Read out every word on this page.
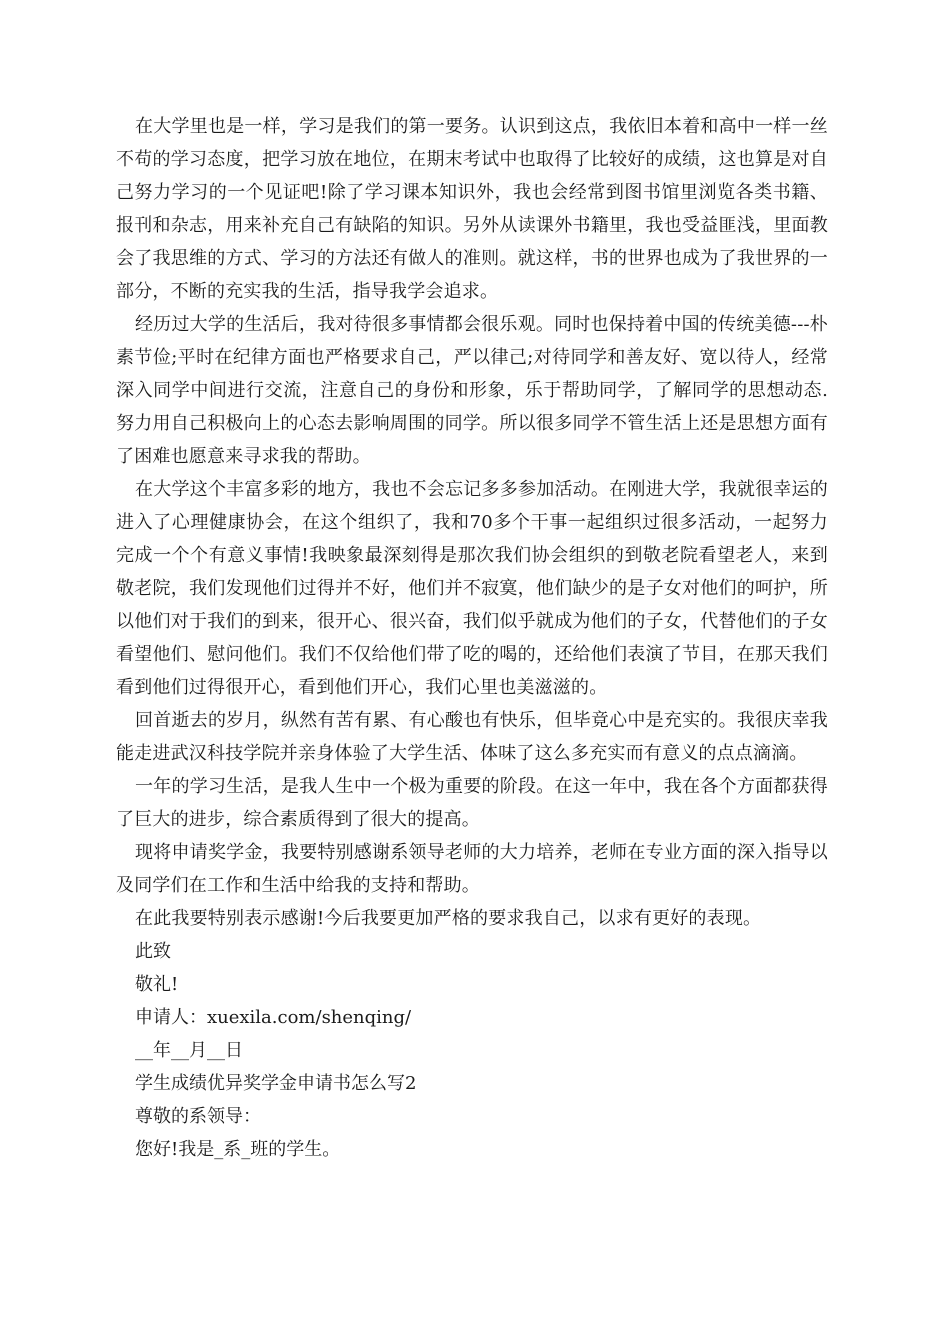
在大学里也是一样，学习是我们的第一要务。认识到这点，我依旧本着和高中一样一丝不苟的学习态度，把学习放在地位，在期末考试中也取得了比较好的成绩，这也算是对自己努力学习的一个见证吧!除了学习课本知识外，我也会经常到图书馆里浏览各类书籍、报刊和杂志，用来补充自己有缺陷的知识。另外从读课外书籍里，我也受益匪浅，里面教会了我思维的方式、学习的方法还有做人的准则。就这样，书的世界也成为了我世界的一部分，不断的充实我的生活，指导我学会追求。

经历过大学的生活后，我对待很多事情都会很乐观。同时也保持着中国的传统美德---朴素节俭;平时在纪律方面也严格要求自己，严以律己;对待同学和善友好、宽以待人，经常深入同学中间进行交流，注意自己的身份和形象，乐于帮助同学，了解同学的思想动态.努力用自己积极向上的心态去影响周围的同学。所以很多同学不管生活上还是思想方面有了困难也愿意来寻求我的帮助。

在大学这个丰富多彩的地方，我也不会忘记多多参加活动。在刚进大学，我就很幸运的进入了心理健康协会，在这个组织了，我和70多个干事一起组织过很多活动，一起努力完成一个个有意义事情!我映象最深刻得是那次我们协会组织的到敬老院看望老人，来到敬老院，我们发现他们过得并不好，他们并不寂寞，他们缺少的是子女对他们的呵护，所以他们对于我们的到来，很开心、很兴奋，我们似乎就成为他们的子女，代替他们的子女看望他们、慰问他们。我们不仅给他们带了吃的喝的，还给他们表演了节目，在那天我们看到他们过得很开心，看到他们开心，我们心里也美滋滋的。

回首逝去的岁月，纵然有苦有累、有心酸也有快乐，但毕竟心中是充实的。我很庆幸我能走进武汉科技学院并亲身体验了大学生活、体味了这么多充实而有意义的点点滴滴。

一年的学习生活，是我人生中一个极为重要的阶段。在这一年中，我在各个方面都获得了巨大的进步，综合素质得到了很大的提高。

现将申请奖学金，我要特别感谢系领导老师的大力培养，老师在专业方面的深入指导以及同学们在工作和生活中给我的支持和帮助。

在此我要特别表示感谢!今后我要更加严格的要求我自己，以求有更好的表现。

此致

敬礼!

申请人：xuexila.com/shenqing/

__年__月__日

学生成绩优异奖学金申请书怎么写2

尊敬的系领导：

您好!我是_系_班的学生。
